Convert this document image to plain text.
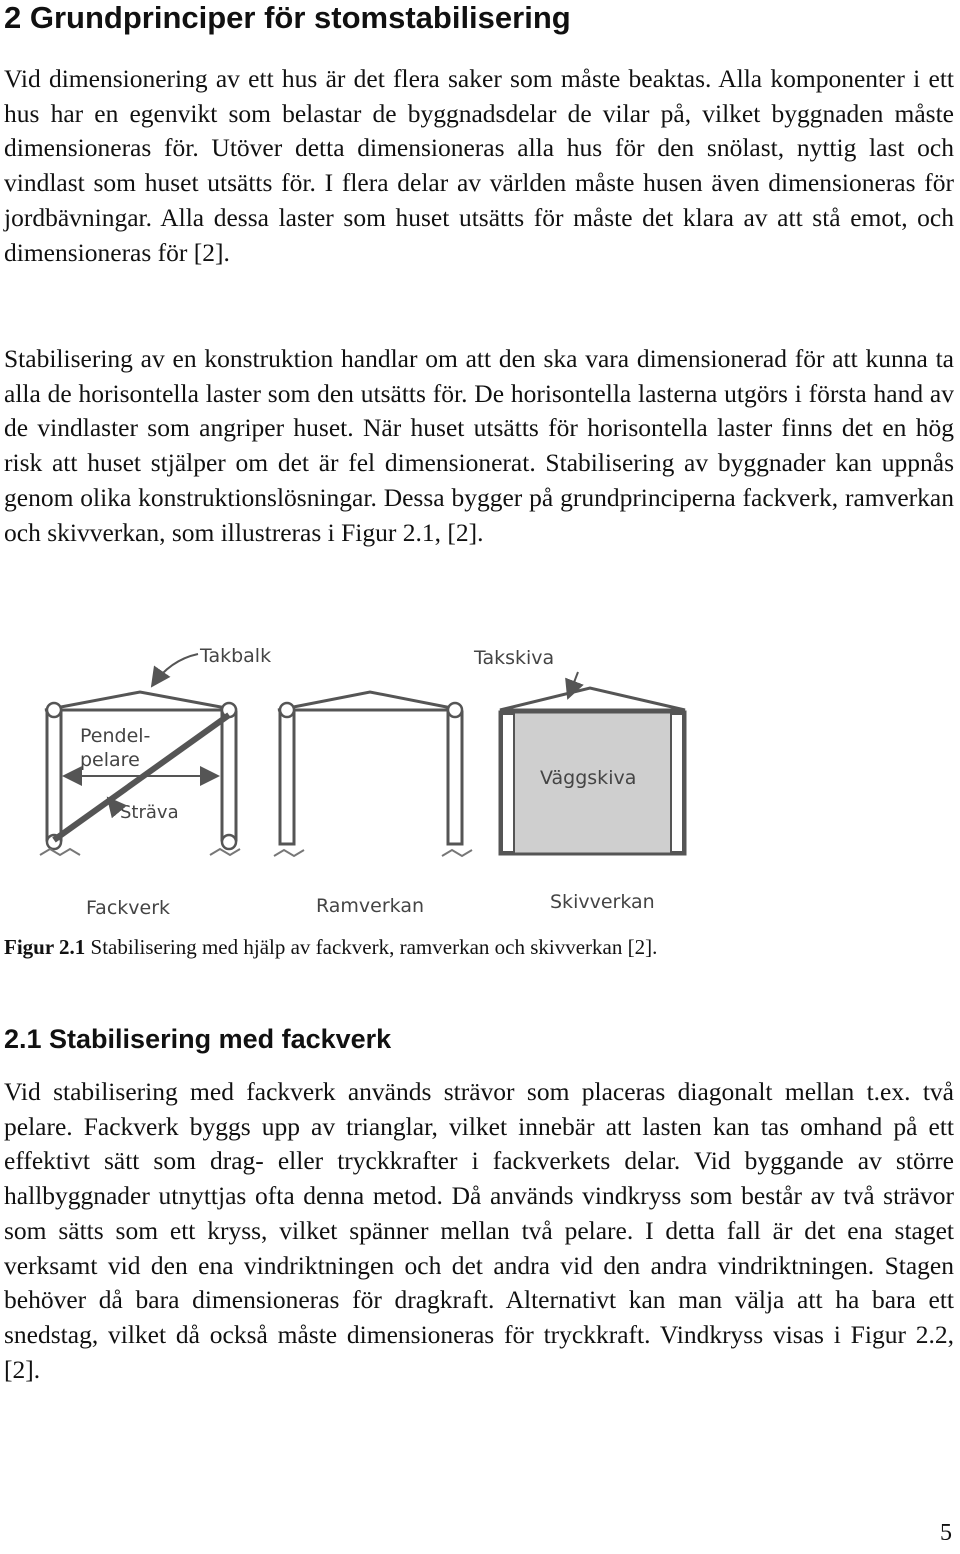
2 Grundprinciper för stomstabilisering

Vid dimensionering av ett hus är det flera saker som måste beaktas. Alla komponenter i ett hus har en egenvikt som belastar de byggnadsdelar de vilar på, vilket byggnaden måste dimensioneras för. Utöver detta dimensioneras alla hus för den snölast, nyttig last och vindlast som huset utsätts för. I flera delar av världen måste husen även dimensioneras för jordbävningar. Alla dessa laster som huset utsätts för måste det klara av att stå emot, och dimensioneras för [2].

Stabilisering av en konstruktion handlar om att den ska vara dimensionerad för att kunna ta alla de horisontella laster som den utsätts för. De horisontella lasterna utgörs i första hand av de vindlaster som angriper huset. När huset utsätts för horisontella laster finns det en hög risk att huset stjälper om det är fel dimensionerat. Stabilisering av byggnader kan uppnås genom olika konstruktionslösningar. Dessa bygger på grundprinciperna fackverk, ramverkan och skivverkan, som illustreras i Figur 2.1, [2].

Takbalk	Takskiva
Pendel-
pelare
Sträva
Väggskiva
Fackverk	Ramverkan	Skivverkan
Figur 2.1 Stabilisering med hjälp av fackverk, ramverkan och skivverkan [2].
2.1 Stabilisering med fackverk

Vid stabilisering med fackverk används strävor som placeras diagonalt mellan t.ex. två pelare. Fackverk byggs upp av trianglar, vilket innebär att lasten kan tas omhand på ett effektivt sätt som drag- eller tryckkrafter i fackverkets delar. Vid byggande av större hallbyggnader utnyttjas ofta denna metod. Då används vindkryss som består av två strävor som sätts som ett kryss, vilket spänner mellan två pelare. I detta fall är det ena staget verksamt vid den ena vindriktningen och det andra vid den andra vindriktningen. Stagen behöver då bara dimensioneras för dragkraft. Alternativt kan man välja att ha bara ett snedstag, vilket då också måste dimensioneras för tryckkraft. Vindkryss visas i Figur 2.2, [2].

5
